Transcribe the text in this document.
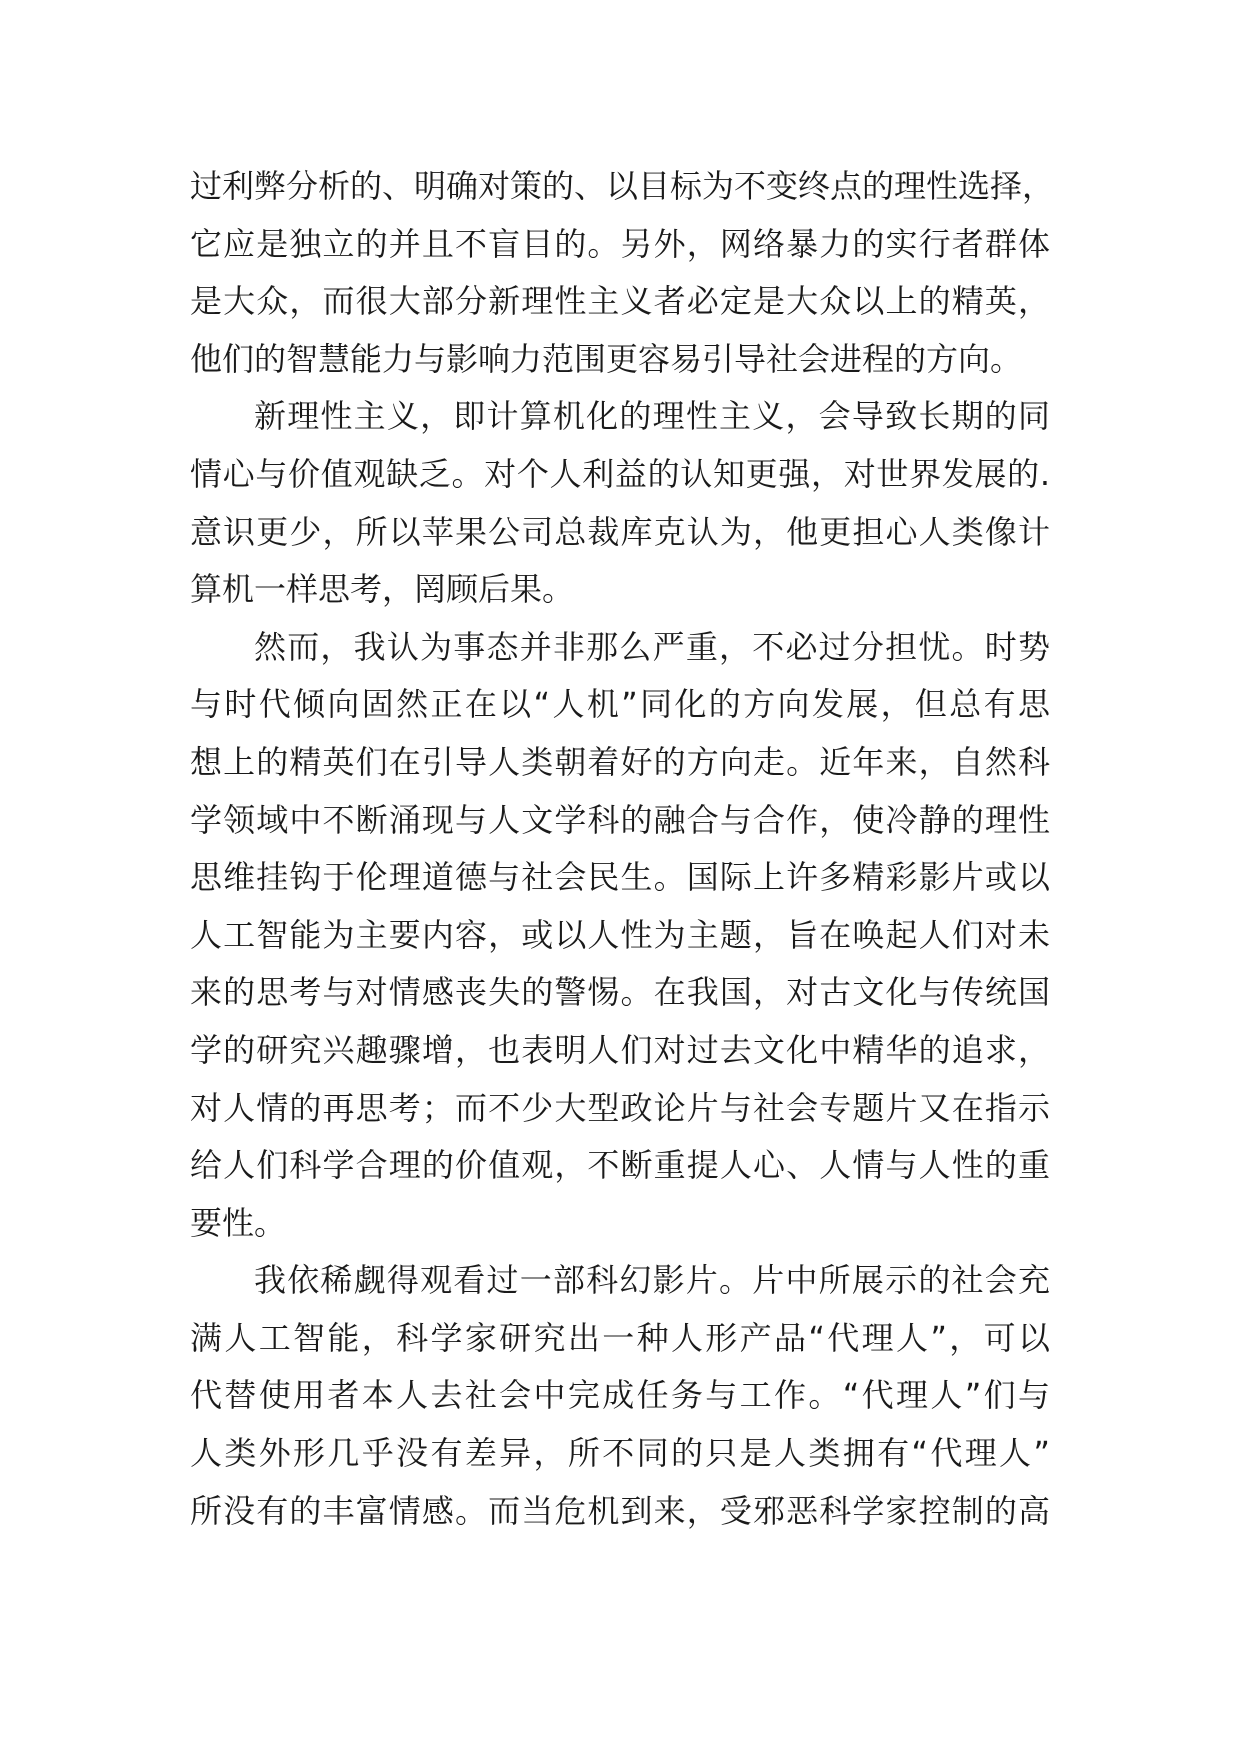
过利弊分析的、明确对策的、以目标为不变终点的理性选择，
它应是独立的并且不盲目的。另外，网络暴力的实行者群体
是大众，而很大部分新理性主义者必定是大众以上的精英，
他们的智慧能力与影响力范围更容易引导社会进程的方向。
新理性主义，即计算机化的理性主义，会导致长期的同
情心与价值观缺乏。对个人利益的认知更强，对世界发展的.
意识更少，所以苹果公司总裁库克认为，他更担心人类像计
算机一样思考，罔顾后果。
然而，我认为事态并非那么严重，不必过分担忧。时势
与时代倾向固然正在以“人机”同化的方向发展，但总有思
想上的精英们在引导人类朝着好的方向走。近年来，自然科
学领域中不断涌现与人文学科的融合与合作，使冷静的理性
思维挂钩于伦理道德与社会民生。国际上许多精彩影片或以
人工智能为主要内容，或以人性为主题，旨在唤起人们对未
来的思考与对情感丧失的警惕。在我国，对古文化与传统国
学的研究兴趣骤增，也表明人们对过去文化中精华的追求，
对人情的再思考；而不少大型政论片与社会专题片又在指示
给人们科学合理的价值观，不断重提人心、人情与人性的重
要性。
我依稀觑得观看过一部科幻影片。片中所展示的社会充
满人工智能，科学家研究出一种人形产品“代理人”，可以
代替使用者本人去社会中完成任务与工作。“代理人”们与
人类外形几乎没有差异，所不同的只是人类拥有“代理人”
所没有的丰富情感。而当危机到来，受邪恶科学家控制的高
